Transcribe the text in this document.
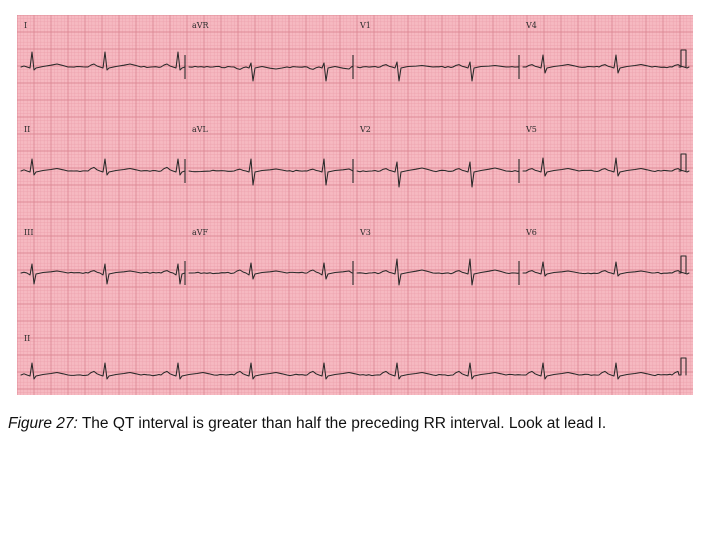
I	aVR	V1	V4
II	aVL	V2	V5
III	aVF	V3	V6
II
Figure 27: The QT interval is greater than half the preceding RR interval. Look at lead I.
